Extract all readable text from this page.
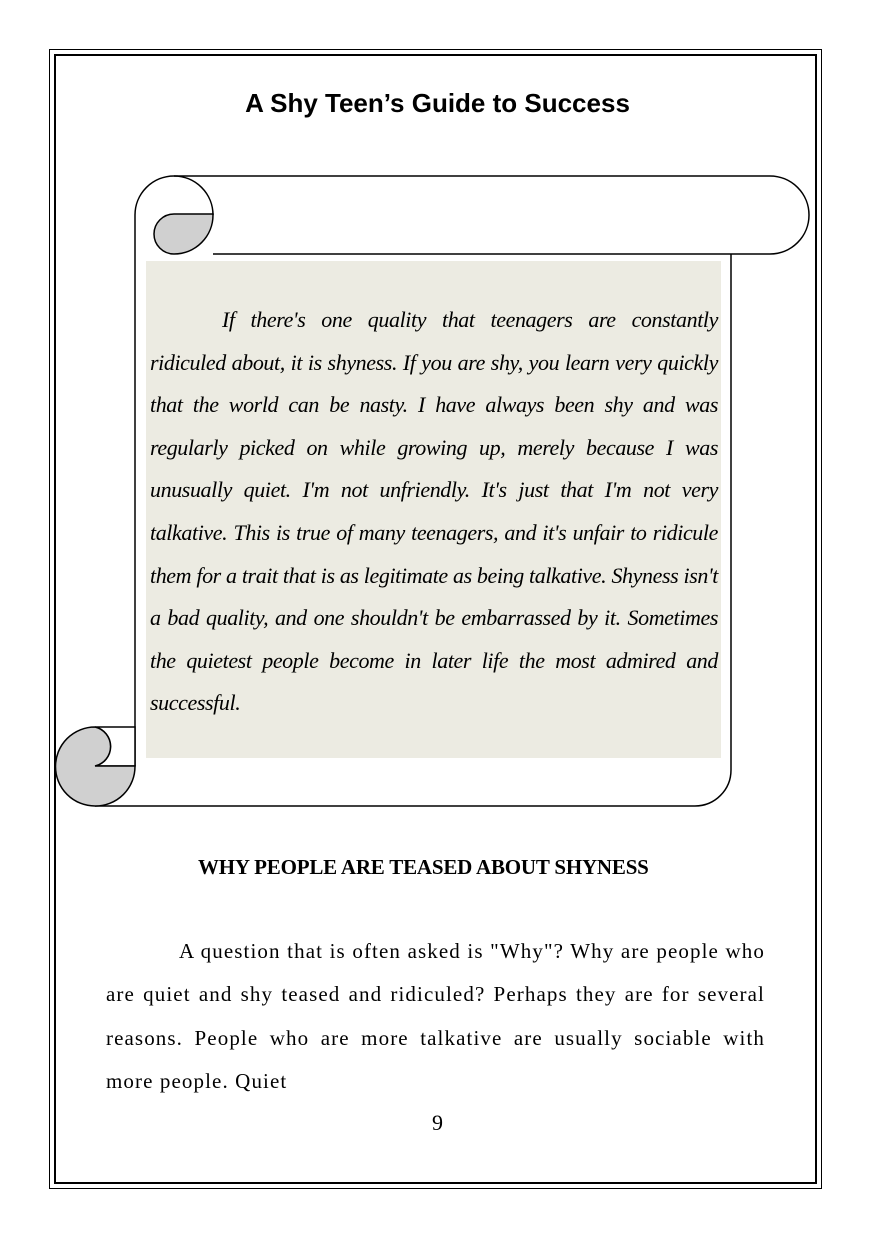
A Shy Teen’s Guide to Success

If there's one quality that teenagers are constantly ridiculed about, it is shyness. If you are shy, you learn very quickly that the world can be nasty. I have always been shy and was regularly picked on while growing up, merely because I was unusually quiet. I'm not unfriendly. It's just that I'm not very talkative. This is true of many teenagers, and it's unfair to ridicule them for a trait that is as legitimate as being talkative. Shyness isn't a bad quality, and one shouldn't be embarrassed by it. Sometimes the quietest people become in later life the most admired and successful.

WHY PEOPLE ARE TEASED ABOUT SHYNESS

A question that is often asked is "Why"? Why are people who are quiet and shy teased and ridiculed? Perhaps they are for several reasons. People who are more talkative are usually sociable with more people. Quiet

9
